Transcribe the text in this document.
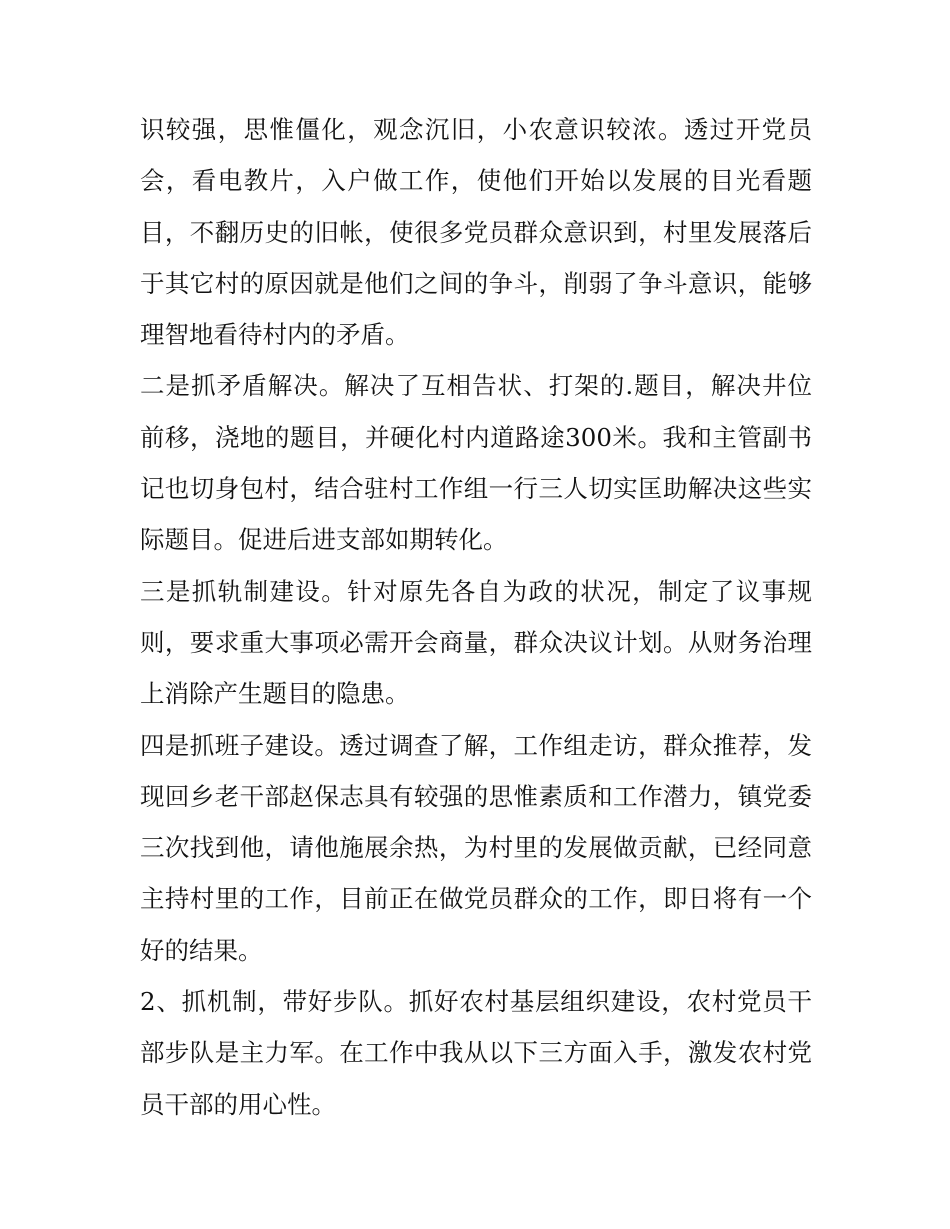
识较强，思惟僵化，观念沉旧，小农意识较浓。透过开党员
会，看电教片，入户做工作，使他们开始以发展的目光看题
目，不翻历史的旧帐，使很多党员群众意识到，村里发展落后
于其它村的原因就是他们之间的争斗，削弱了争斗意识，能够
理智地看待村内的矛盾。
二是抓矛盾解决。解决了互相告状、打架的.题目，解决井位
前移，浇地的题目，并硬化村内道路途300米。我和主管副书
记也切身包村，结合驻村工作组一行三人切实匡助解决这些实
际题目。促进后进支部如期转化。
三是抓轨制建设。针对原先各自为政的状况，制定了议事规
则，要求重大事项必需开会商量，群众决议计划。从财务治理
上消除产生题目的隐患。
四是抓班子建设。透过调查了解，工作组走访，群众推荐，发
现回乡老干部赵保志具有较强的思惟素质和工作潜力，镇党委
三次找到他，请他施展余热，为村里的发展做贡献，已经同意
主持村里的工作，目前正在做党员群众的工作，即日将有一个
好的结果。
2、抓机制，带好步队。抓好农村基层组织建设，农村党员干
部步队是主力军。在工作中我从以下三方面入手，激发农村党
员干部的用心性。
